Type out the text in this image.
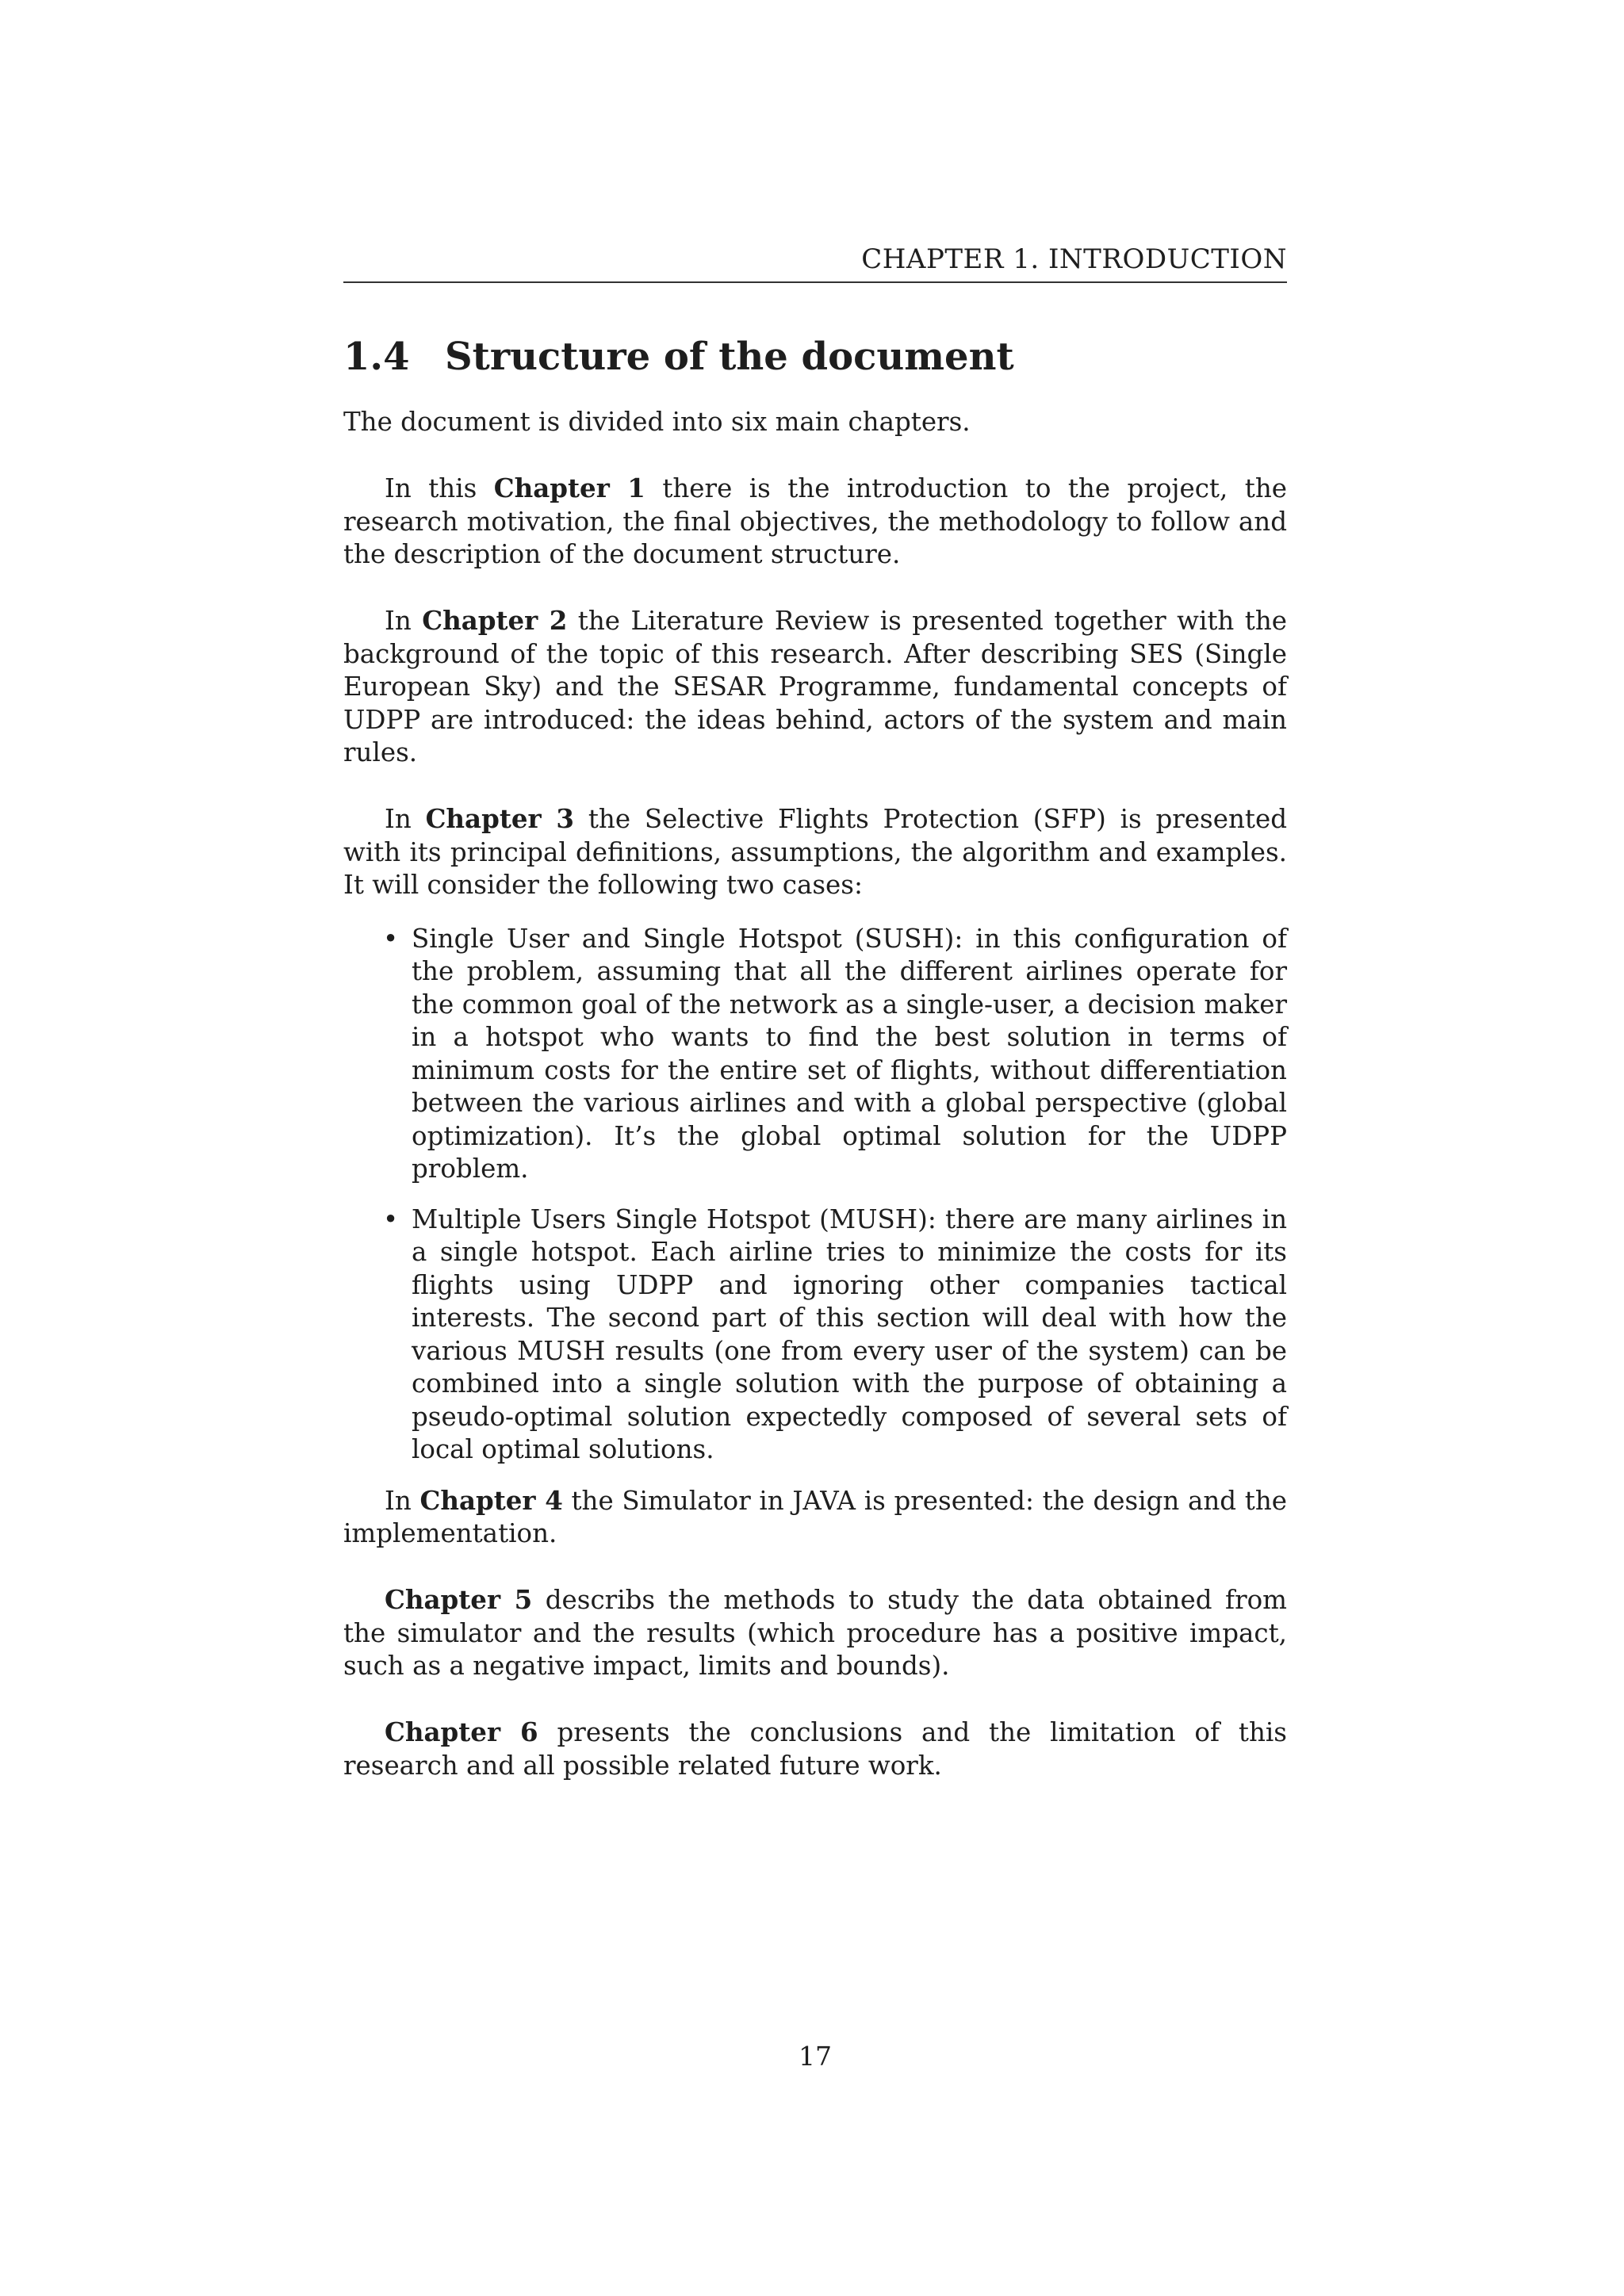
CHAPTER 1. INTRODUCTION
1.4 Structure of the document

The document is divided into six main chapters.

In this Chapter 1 there is the introduction to the project, the research motivation, the final objectives, the methodology to follow and the description of the document structure.

In Chapter 2 the Literature Review is presented together with the background of the topic of this research. After describing SES (Single European Sky) and the SESAR Programme, fundamental concepts of UDPP are introduced: the ideas behind, actors of the system and main rules.

In Chapter 3 the Selective Flights Protection (SFP) is presented with its principal definitions, assumptions, the algorithm and examples. It will consider the following two cases:

• Single User and Single Hotspot (SUSH): in this configuration of the problem, assuming that all the different airlines operate for the common goal of the network as a single-user, a decision maker in a hotspot who wants to find the best solution in terms of minimum costs for the entire set of flights, without differentiation between the various airlines and with a global perspective (global optimization). It’s the global optimal solution for the UDPP problem.
• Multiple Users Single Hotspot (MUSH): there are many airlines in a single hotspot. Each airline tries to minimize the costs for its flights using UDPP and ignoring other companies tactical interests. The second part of this section will deal with how the various MUSH results (one from every user of the system) can be combined into a single solution with the purpose of obtaining a pseudo-optimal solution expectedly composed of several sets of local optimal solutions.

In Chapter 4 the Simulator in JAVA is presented: the design and the implementation.

Chapter 5 describs the methods to study the data obtained from the simulator and the results (which procedure has a positive impact, such as a negative impact, limits and bounds).

Chapter 6 presents the conclusions and the limitation of this research and all possible related future work.

17
